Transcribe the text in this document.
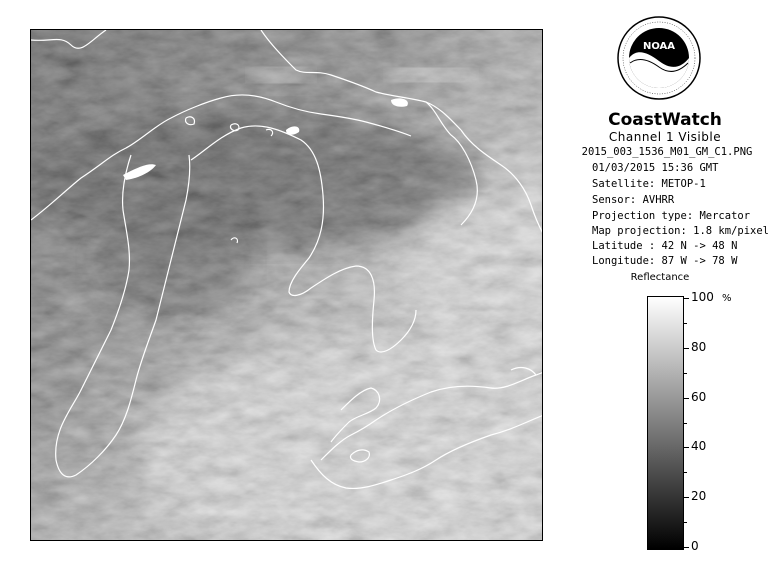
NOAA
CoastWatch
Channel 1 Visible
2015_003_1536_M01_GM_C1.PNG
01/03/2015 15:36 GMT
Satellite: METOP-1
Sensor: AVHRR
Projection type: Mercator
Map projection: 1.8 km/pixel
Latitude : 42 N -> 48 N
Longitude: 87 W -> 78 W
Reflectance
%
100
80
60
40
20
0
